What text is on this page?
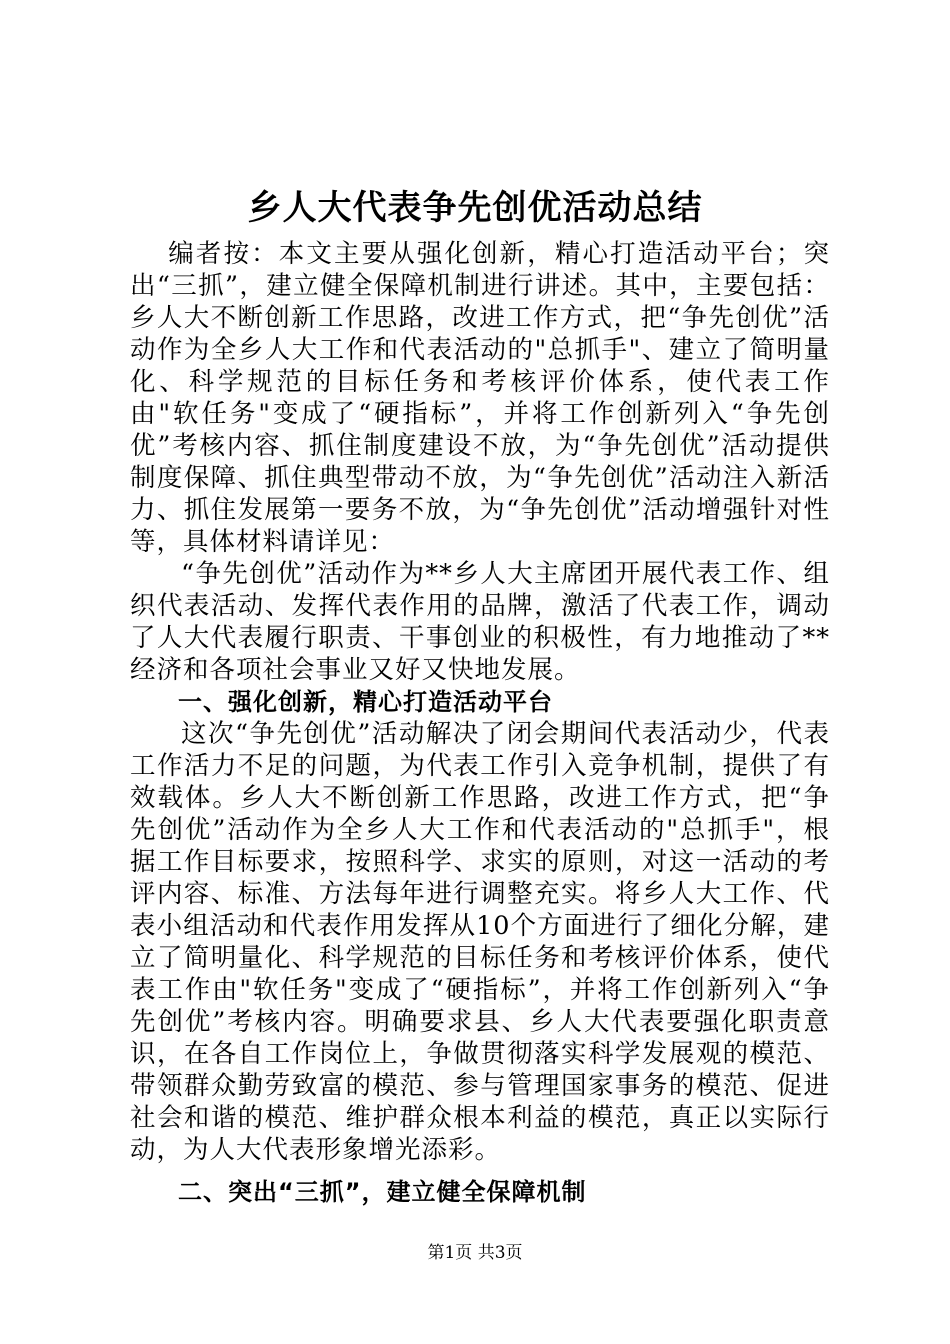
乡人大代表争先创优活动总结

编者按：本文主要从强化创新，精心打造活动平台；突出“三抓”，建立健全保障机制进行讲述。其中，主要包括：乡人大不断创新工作思路，改进工作方式，把“争先创优”活动作为全乡人大工作和代表活动的"总抓手"、建立了简明量化、科学规范的目标任务和考核评价体系，使代表工作由"软任务"变成了“硬指标”，并将工作创新列入“争先创优”考核内容、抓住制度建设不放，为“争先创优”活动提供制度保障、抓住典型带动不放，为“争先创优”活动注入新活力、抓住发展第一要务不放，为“争先创优”活动增强针对性等，具体材料请详见：

“争先创优”活动作为**乡人大主席团开展代表工作、组织代表活动、发挥代表作用的品牌，激活了代表工作，调动了人大代表履行职责、干事创业的积极性，有力地推动了**经济和各项社会事业又好又快地发展。

一、强化创新，精心打造活动平台

这次“争先创优”活动解决了闭会期间代表活动少，代表工作活力不足的问题，为代表工作引入竞争机制，提供了有效载体。乡人大不断创新工作思路，改进工作方式，把“争先创优”活动作为全乡人大工作和代表活动的"总抓手"，根据工作目标要求，按照科学、求实的原则，对这一活动的考评内容、标准、方法每年进行调整充实。将乡人大工作、代表小组活动和代表作用发挥从10个方面进行了细化分解，建立了简明量化、科学规范的目标任务和考核评价体系，使代表工作由"软任务"变成了“硬指标”，并将工作创新列入“争先创优”考核内容。明确要求县、乡人大代表要强化职责意识，在各自工作岗位上，争做贯彻落实科学发展观的模范、带领群众勤劳致富的模范、参与管理国家事务的模范、促进社会和谐的模范、维护群众根本利益的模范，真正以实际行动，为人大代表形象增光添彩。

二、突出“三抓”，建立健全保障机制
第1页 共3页
